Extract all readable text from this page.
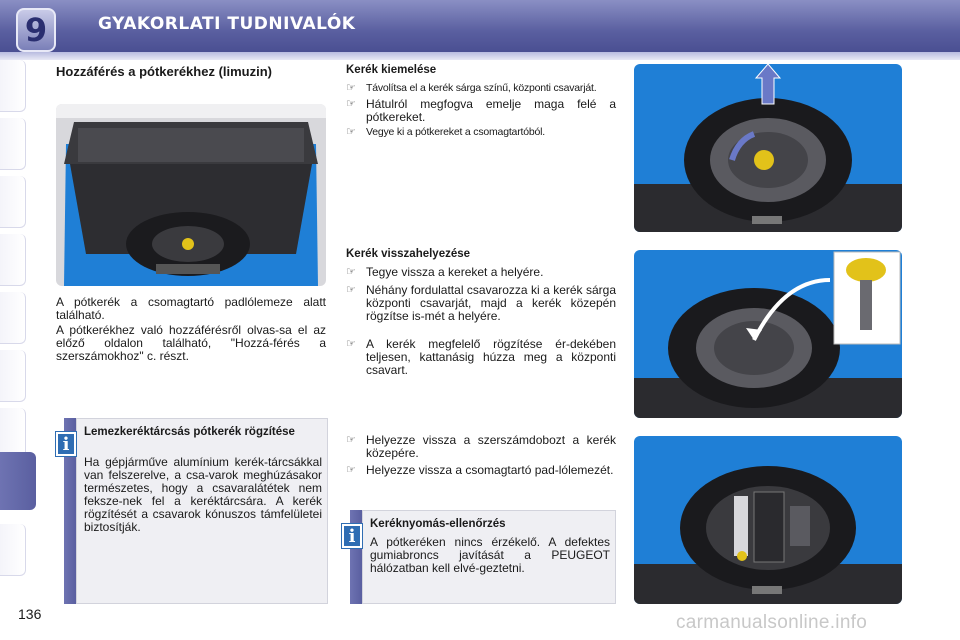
9	GYAKORLATI TUDNIVALÓK
Hozzáférés a pótkerékhez (limuzin)
A pótkerék a csomagtartó padlólemeze alatt található.
A pótkerékhez való hozzáférésről olvas-sa el az előző oldalon található, "Hozzá-férés a szerszámokhoz" c. részt.
i
Lemezkeréktárcsás pótkerék rögzítése
Ha gépjárműve alumínium kerék-tárcsákkal van felszerelve, a csa-varok meghúzásakor természetes, hogy a csavaralátétek nem fekszе-nek fel a keréktárcsára. A kerék rögzítését a csavarok kónuszos támfelületei biztosítják.
Kerék kiemelése
☞ Távolítsa el a kerék sárga színű, központi csavarját.
☞ Hátulról megfogva emelje maga felé a pótkereket.
☞ Vegye ki a pótkereket a csomagtartóból.
Kerék visszahelyezése
☞ Tegye vissza a kereket a helyére.
☞ Néhány fordulattal csavarozza ki a kerék sárga központi csavarját, majd a kerék közepén rögzítse is-mét a helyére.
☞ A kerék megfelelő rögzítése ér-dekében teljesen, kattanásig húzza meg a központi csavart.
☞ Helyezze vissza a szerszámdobozt a kerék közepére.
☞ Helyezze vissza a csomagtartó pad-lólemezét.
i
Keréknyomás-ellenőrzés
A pótkeréken nincs érzékelő. A defektes gumiabroncs javítását a PEUGEOT hálózatban kell elvé-geztetni.
136	carmanualsonline.info
